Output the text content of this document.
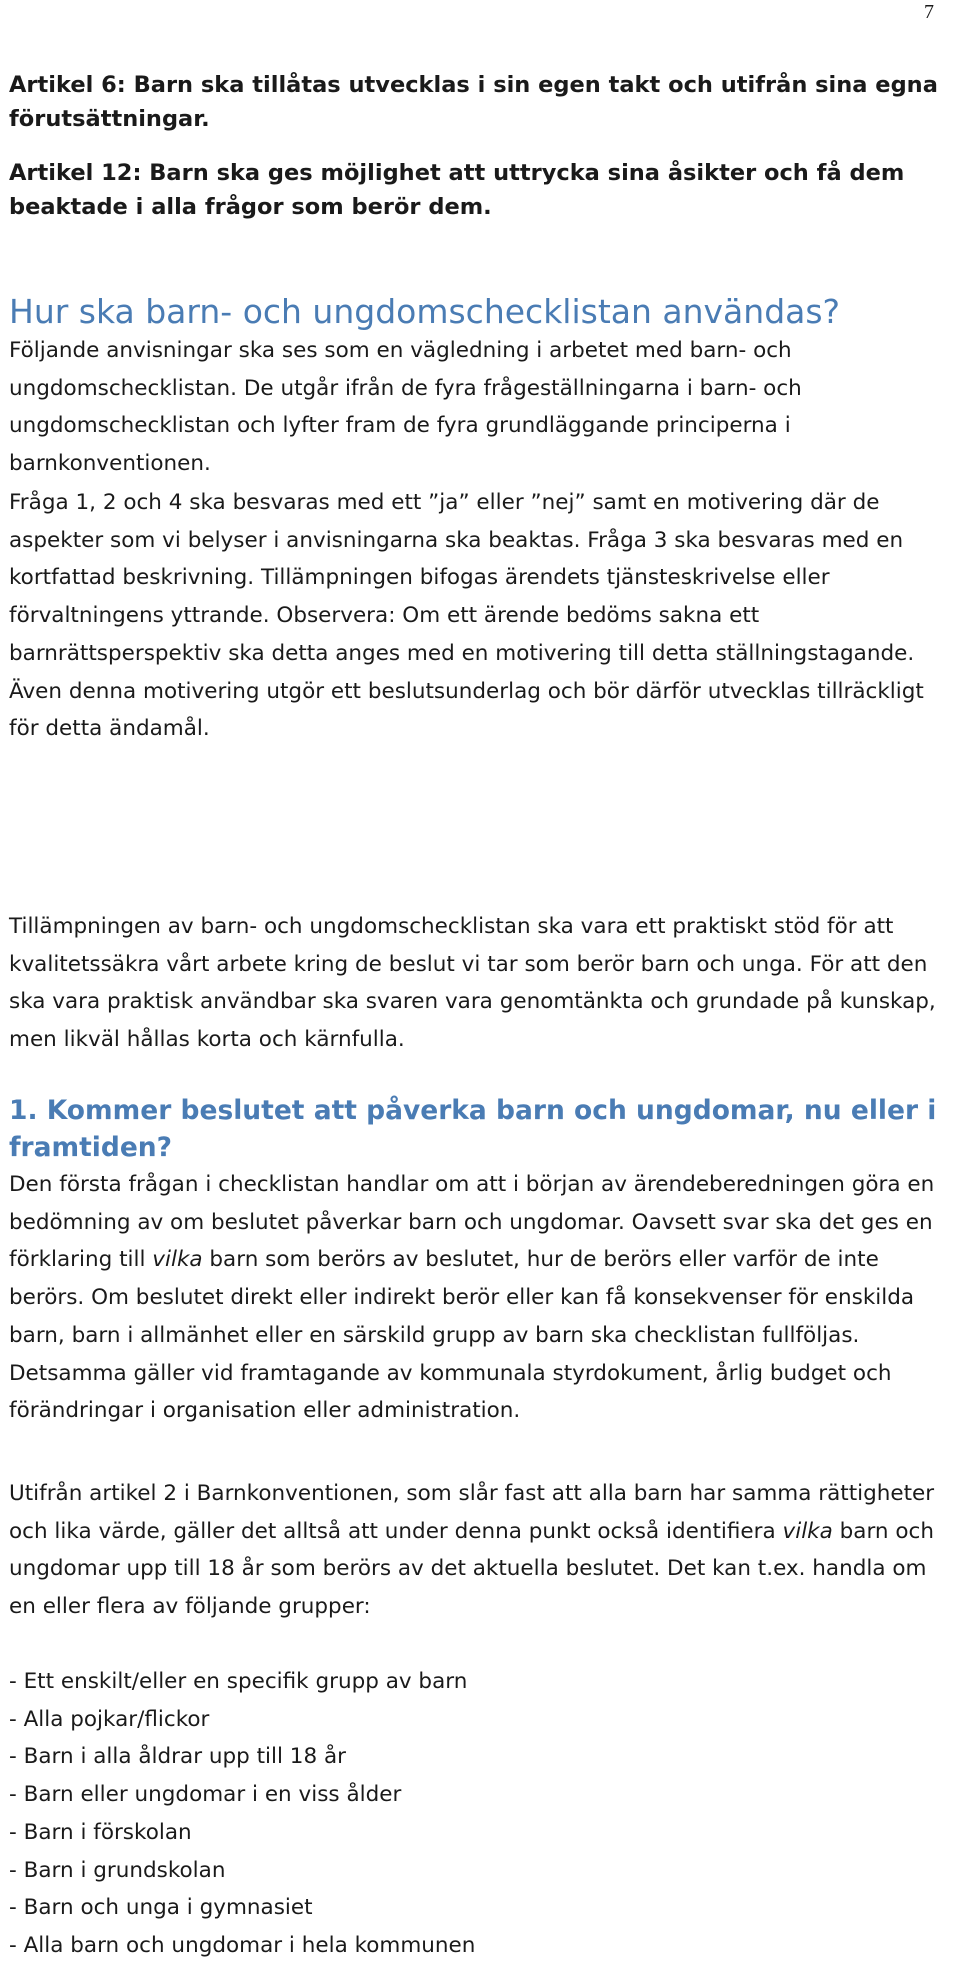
7

Artikel 6: Barn ska tillåtas utvecklas i sin egen takt och utifrån sina egna förutsättningar.

Artikel 12: Barn ska ges möjlighet att uttrycka sina åsikter och få dem beaktade i alla frågor som berör dem.

Hur ska barn- och ungdomschecklistan användas?

Följande anvisningar ska ses som en vägledning i arbetet med barn- och ungdomschecklistan. De utgår ifrån de fyra frågeställningarna i barn- och ungdomschecklistan och lyfter fram de fyra grundläggande principerna i barnkonventionen.

Fråga 1, 2 och 4 ska besvaras med ett ”ja” eller ”nej” samt en motivering där de aspekter som vi belyser i anvisningarna ska beaktas. Fråga 3 ska besvaras med en kortfattad beskrivning. Tillämpningen bifogas ärendets tjänsteskrivelse eller förvaltningens yttrande. Observera: Om ett ärende bedöms sakna ett barnrättsperspektiv ska detta anges med en motivering till detta ställningstagande. Även denna motivering utgör ett beslutsunderlag och bör därför utvecklas tillräckligt för detta ändamål.

Tillämpningen av barn- och ungdomschecklistan ska vara ett praktiskt stöd för att kvalitetssäkra vårt arbete kring de beslut vi tar som berör barn och unga. För att den ska vara praktisk användbar ska svaren vara genomtänkta och grundade på kunskap, men likväl hållas korta och kärnfulla.

1. Kommer beslutet att påverka barn och ungdomar, nu eller i framtiden?

Den första frågan i checklistan handlar om att i början av ärendeberedningen göra en bedömning av om beslutet påverkar barn och ungdomar. Oavsett svar ska det ges en förklaring till vilka barn som berörs av beslutet, hur de berörs eller varför de inte berörs. Om beslutet direkt eller indirekt berör eller kan få konsekvenser för enskilda barn, barn i allmänhet eller en särskild grupp av barn ska checklistan fullföljas. Detsamma gäller vid framtagande av kommunala styrdokument, årlig budget och förändringar i organisation eller administration.

Utifrån artikel 2 i Barnkonventionen, som slår fast att alla barn har samma rättigheter och lika värde, gäller det alltså att under denna punkt också identifiera vilka barn och ungdomar upp till 18 år som berörs av det aktuella beslutet. Det kan t.ex. handla om en eller flera av följande grupper:

- Ett enskilt/eller en specifik grupp av barn
- Alla pojkar/flickor
- Barn i alla åldrar upp till 18 år
- Barn eller ungdomar i en viss ålder
- Barn i förskolan
- Barn i grundskolan
- Barn och unga i gymnasiet
- Alla barn och ungdomar i hela kommunen
